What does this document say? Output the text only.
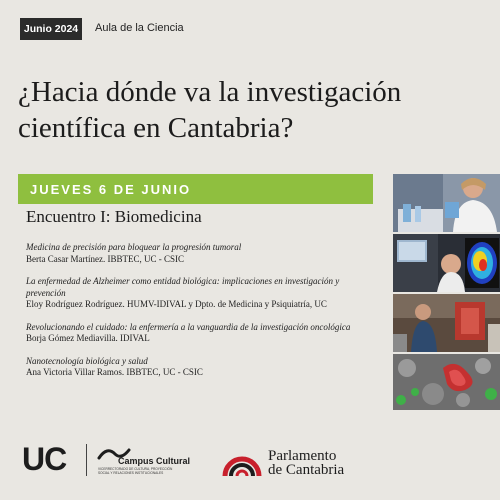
Junio 2024	Aula de la Ciencia
¿Hacia dónde va la investigación científica en Cantabria?
JUEVES 6 DE JUNIO
Encuentro I: Biomedicina
Medicina de precisión para bloquear la progresión tumoral
Berta Casar Martínez. IBBTEC, UC - CSIC
La enfermedad de Alzheimer como entidad biológica: implicaciones en investigación y prevención
Eloy Rodríguez Rodríguez. HUMV-IDIVAL y Dpto. de Medicina y Psiquiatría, UC
Revolucionando el cuidado: la enfermería a la vanguardia de la investigación oncológica
Borja Gómez Mediavilla. IDIVAL
Nanotecnología biológica y salud
Ana Victoria Villar Ramos. IBBTEC, UC - CSIC
UC	Campus Cultural
VICERRECTORADO DE CULTURA, PROYECCIÓN SOCIAL Y RELACIONES INSTITUCIONALES
Parlamento
de Cantabria
